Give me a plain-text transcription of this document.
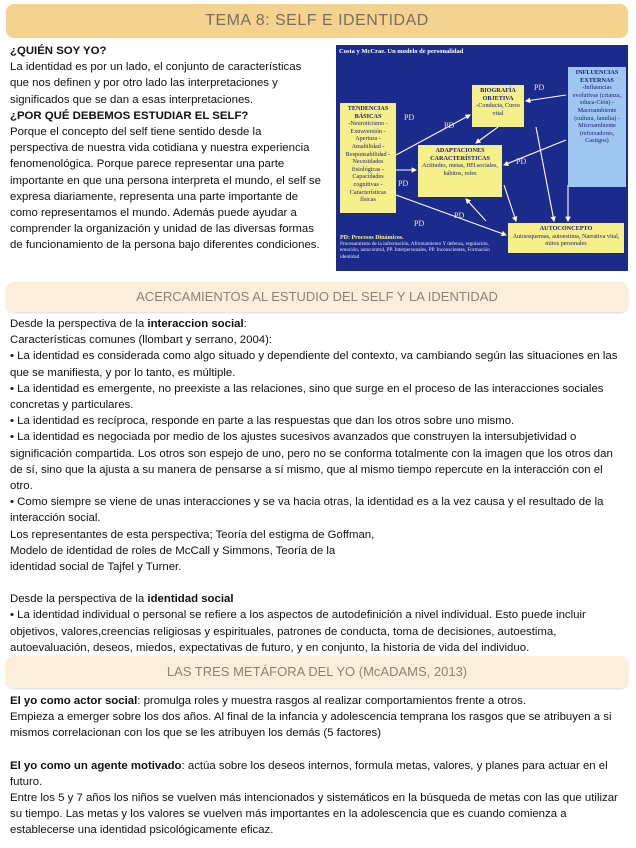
TEMA 8: SELF E IDENTIDAD

¿QUIÉN SOY YO?

La identidad es por un lado, el conjunto de características que nos definen y por otro lado las interpretaciones y significados que se dan a esas interpretaciones.

¿POR QUÉ DEBEMOS ESTUDIAR EL SELF?

Porque el concepto del self tiene sentido desde la perspectiva de nuestra vida cotidiana y nuestra experiencia fenomenológica. Porque parece representar una parte importante en que una persona interpreta el mundo, el self se expresa diariamente, representa una parte importante de como representamos el mundo. Además puede ayudar a comprender la organización y unidad de las diversas formas de funcionamiento de la persona bajo diferentes condiciones.

Costa y McCrae. Un modelo de personalidad
TENDENCIAS BÁSICAS
-Neuroticismo -Extraversión -Apertura -Amabilidad -Responsabilidad -Necesidades fisiológicas -Capacidades cognitivas -Características físicas
BIOGRAFÍA OBJETIVA
-Conducta, Curso vital
INFLUENCIAS EXTERNAS
-Influencias evolutivas (crianza, educa-Ción) -Macroambiente (cultura, familia) -Microambiente (reforzadores, Castigos)
ADAPTACIONES CARACTERÍSTICAS
Actitudes, metas, HH.sociales, hábitos, roles
AUTOCONCEPTO
Autoesquemas, autoestima, Narrativa vital, mitos personales
PD
PD
PD
PD
PD
PD
PD
PD: Procesos Dinámicos.
Procesamiento de la información, Afrontamiento Y defensa, regulación, emoción, autocontrol, PP. Interpersonales, PP. Inconscientes, Formación identidad
ACERCAMIENTOS AL ESTUDIO DEL SELF Y LA IDENTIDAD

Desde la perspectiva de la interaccion social:

Características comunes (llombart y serrano, 2004):

• La identidad es considerada como algo situado y dependiente del contexto, va cambiando según las situaciones en las que se manifiesta, y por lo tanto, es múltiple.

• La identidad es emergente, no preexiste a las relaciones, sino que surge en el proceso de las interacciones sociales concretas y particulares.

• La identidad es recíproca, responde en parte a las respuestas que dan los otros sobre uno mismo.

• La identidad es negociada por medio de los ajustes sucesivos avanzados que construyen la intersubjetividad o significación compartida. Los otros son espejo de uno, pero no se conforma totalmente con la imagen que los otros dan de sí, sino que la ajusta a su manera de pensarse a sí mismo, que al mismo tiempo repercute en la interacción con el otro.

• Como siempre se viene de unas interacciones y se va hacia otras, la identidad es a la vez causa y el resultado de la interacción social.

Los representantes de esta perspectiva; Teoría del estigma de Goffman,

Modelo de identidad de roles de McCall y Simmons, Teoría de la

identidad social de Tajfel y Turner.

Desde la perspectiva de la identidad social

• La identidad individual o personal se refiere a los aspectos de autodefinición a nivel individual. Esto puede incluir objetivos, valores,creencias religiosas y espirituales, patrones de conducta, toma de decisiones, autoestima, autoevaluación, deseos, miedos, expectativas de futuro, y en conjunto, la historia de vida del individuo.

LAS TRES METÁFORA DEL YO (McADAMS, 2013)

El yo como actor social: promulga roles y muestra rasgos al realizar comportamientos frente a otros.

Empieza a emerger sobre los dos años. Al final de la infancia y adolescencia temprana los rasgos que se atribuyen a si mismos correlacionan con los que se les atribuyen los demás (5 factores)

El yo como un agente motivado: actúa sobre los deseos internos, formula metas, valores, y planes para actuar en el futuro.

Entre los 5 y 7 años los niños se vuelven más intencionados y sistemáticos en la búsqueda de metas con las que utilizar su tiempo. Las metas y los valores se vuelven más importantes en la adolescencia que es cuando comienza a establecerse una identidad psicológicamente eficaz.
